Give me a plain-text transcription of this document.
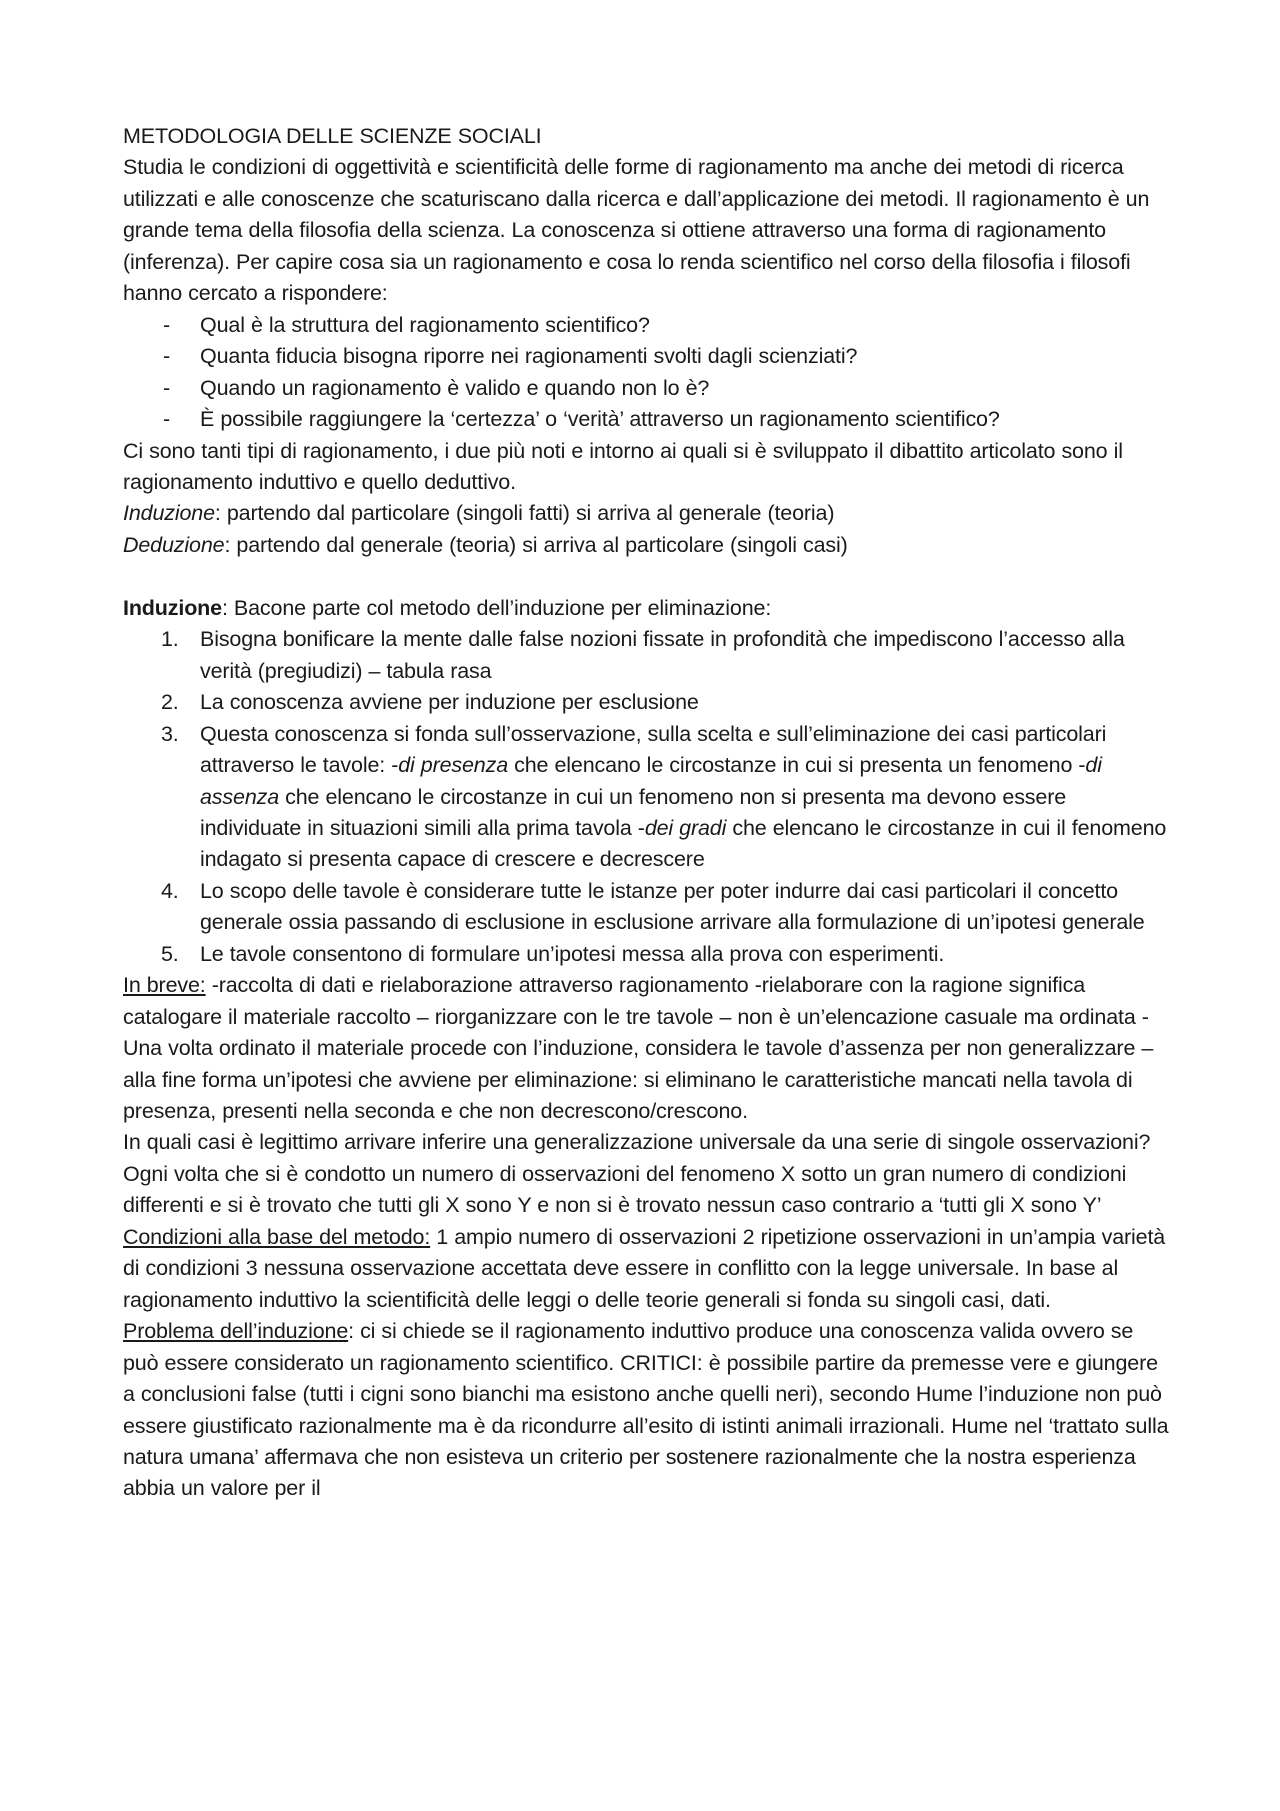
METODOLOGIA DELLE SCIENZE SOCIALI

Studia le condizioni di oggettività e scientificità delle forme di ragionamento ma anche dei metodi di ricerca utilizzati e alle conoscenze che scaturiscano dalla ricerca e dall’applicazione dei metodi. Il ragionamento è un grande tema della filosofia della scienza. La conoscenza si ottiene attraverso una forma di ragionamento (inferenza). Per capire cosa sia un ragionamento e cosa lo renda scientifico nel corso della filosofia i filosofi hanno cercato a rispondere:

- Qual è la struttura del ragionamento scientifico?
- Quanta fiducia bisogna riporre nei ragionamenti svolti dagli scienziati?
- Quando un ragionamento è valido e quando non lo è?
- È possibile raggiungere la ‘certezza’ o ‘verità’ attraverso un ragionamento scientifico?

Ci sono tanti tipi di ragionamento, i due più noti e intorno ai quali si è sviluppato il dibattito articolato sono il ragionamento induttivo e quello deduttivo.

Induzione: partendo dal particolare (singoli fatti) si arriva al generale (teoria)

Deduzione: partendo dal generale (teoria) si arriva al particolare (singoli casi)

Induzione: Bacone parte col metodo dell’induzione per eliminazione:

1. Bisogna bonificare la mente dalle false nozioni fissate in profondità che impediscono l’accesso alla verità (pregiudizi) – tabula rasa
2. La conoscenza avviene per induzione per esclusione
3. Questa conoscenza si fonda sull’osservazione, sulla scelta e sull’eliminazione dei casi particolari attraverso le tavole: -di presenza che elencano le circostanze in cui si presenta un fenomeno -di assenza che elencano le circostanze in cui un fenomeno non si presenta ma devono essere individuate in situazioni simili alla prima tavola -dei gradi che elencano le circostanze in cui il fenomeno indagato si presenta capace di crescere e decrescere
4. Lo scopo delle tavole è considerare tutte le istanze per poter indurre dai casi particolari il concetto generale ossia passando di esclusione in esclusione arrivare alla formulazione di un’ipotesi generale
5. Le tavole consentono di formulare un’ipotesi messa alla prova con esperimenti.

In breve: -raccolta di dati e rielaborazione attraverso ragionamento -rielaborare con la ragione significa catalogare il materiale raccolto – riorganizzare con le tre tavole – non è un’elencazione casuale ma ordinata - Una volta ordinato il materiale procede con l’induzione, considera le tavole d’assenza per non generalizzare – alla fine forma un’ipotesi che avviene per eliminazione: si eliminano le caratteristiche mancati nella tavola di presenza, presenti nella seconda e che non decrescono/crescono.

In quali casi è legittimo arrivare inferire una generalizzazione universale da una serie di singole osservazioni? Ogni volta che si è condotto un numero di osservazioni del fenomeno X sotto un gran numero di condizioni differenti e si è trovato che tutti gli X sono Y e non si è trovato nessun caso contrario a ‘tutti gli X sono Y’

Condizioni alla base del metodo: 1 ampio numero di osservazioni 2 ripetizione osservazioni in un’ampia varietà di condizioni 3 nessuna osservazione accettata deve essere in conflitto con la legge universale. In base al ragionamento induttivo la scientificità delle leggi o delle teorie generali si fonda su singoli casi, dati.

Problema dell’induzione: ci si chiede se il ragionamento induttivo produce una conoscenza valida ovvero se può essere considerato un ragionamento scientifico. CRITICI: è possibile partire da premesse vere e giungere a conclusioni false (tutti i cigni sono bianchi ma esistono anche quelli neri), secondo Hume l’induzione non può essere giustificato razionalmente ma è da ricondurre all’esito di istinti animali irrazionali. Hume nel ‘trattato sulla natura umana’ affermava che non esisteva un criterio per sostenere razionalmente che la nostra esperienza abbia un valore per il
